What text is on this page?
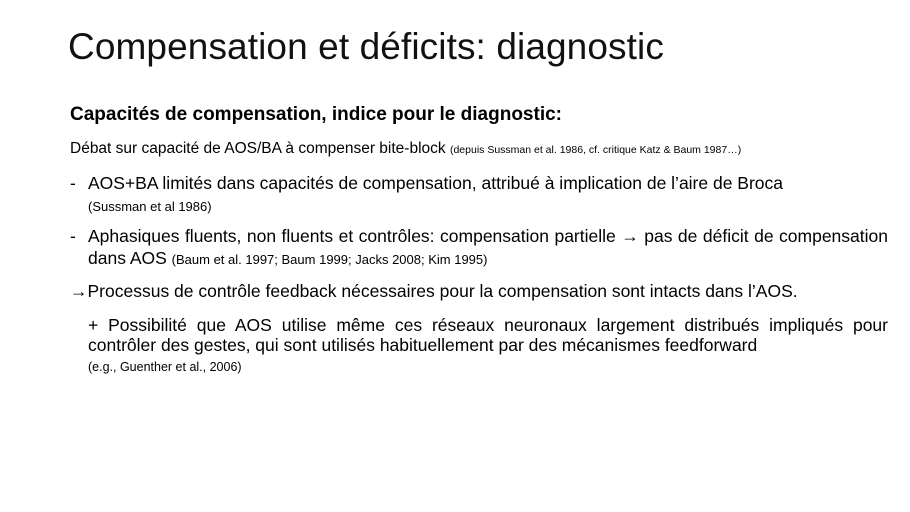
Compensation et déficits: diagnostic
Capacités de compensation, indice pour le diagnostic:
Débat sur capacité de AOS/BA à compenser bite-block (depuis Sussman et al. 1986, cf. critique Katz & Baum 1987…)
- AOS+BA limités dans capacités de compensation, attribué à implication de l’aire de Broca
(Sussman et al 1986)
- Aphasiques fluents, non fluents et contrôles: compensation partielle → pas de déficit de compensation dans AOS (Baum et al. 1997; Baum 1999; Jacks 2008; Kim 1995)
→Processus de contrôle feedback nécessaires pour la compensation sont intacts dans l’AOS.
+ Possibilité que AOS utilise même ces réseaux neuronaux largement distribués impliqués pour contrôler des gestes, qui sont utilisés habituellement par des mécanismes feedforward
(e.g., Guenther et al., 2006)
